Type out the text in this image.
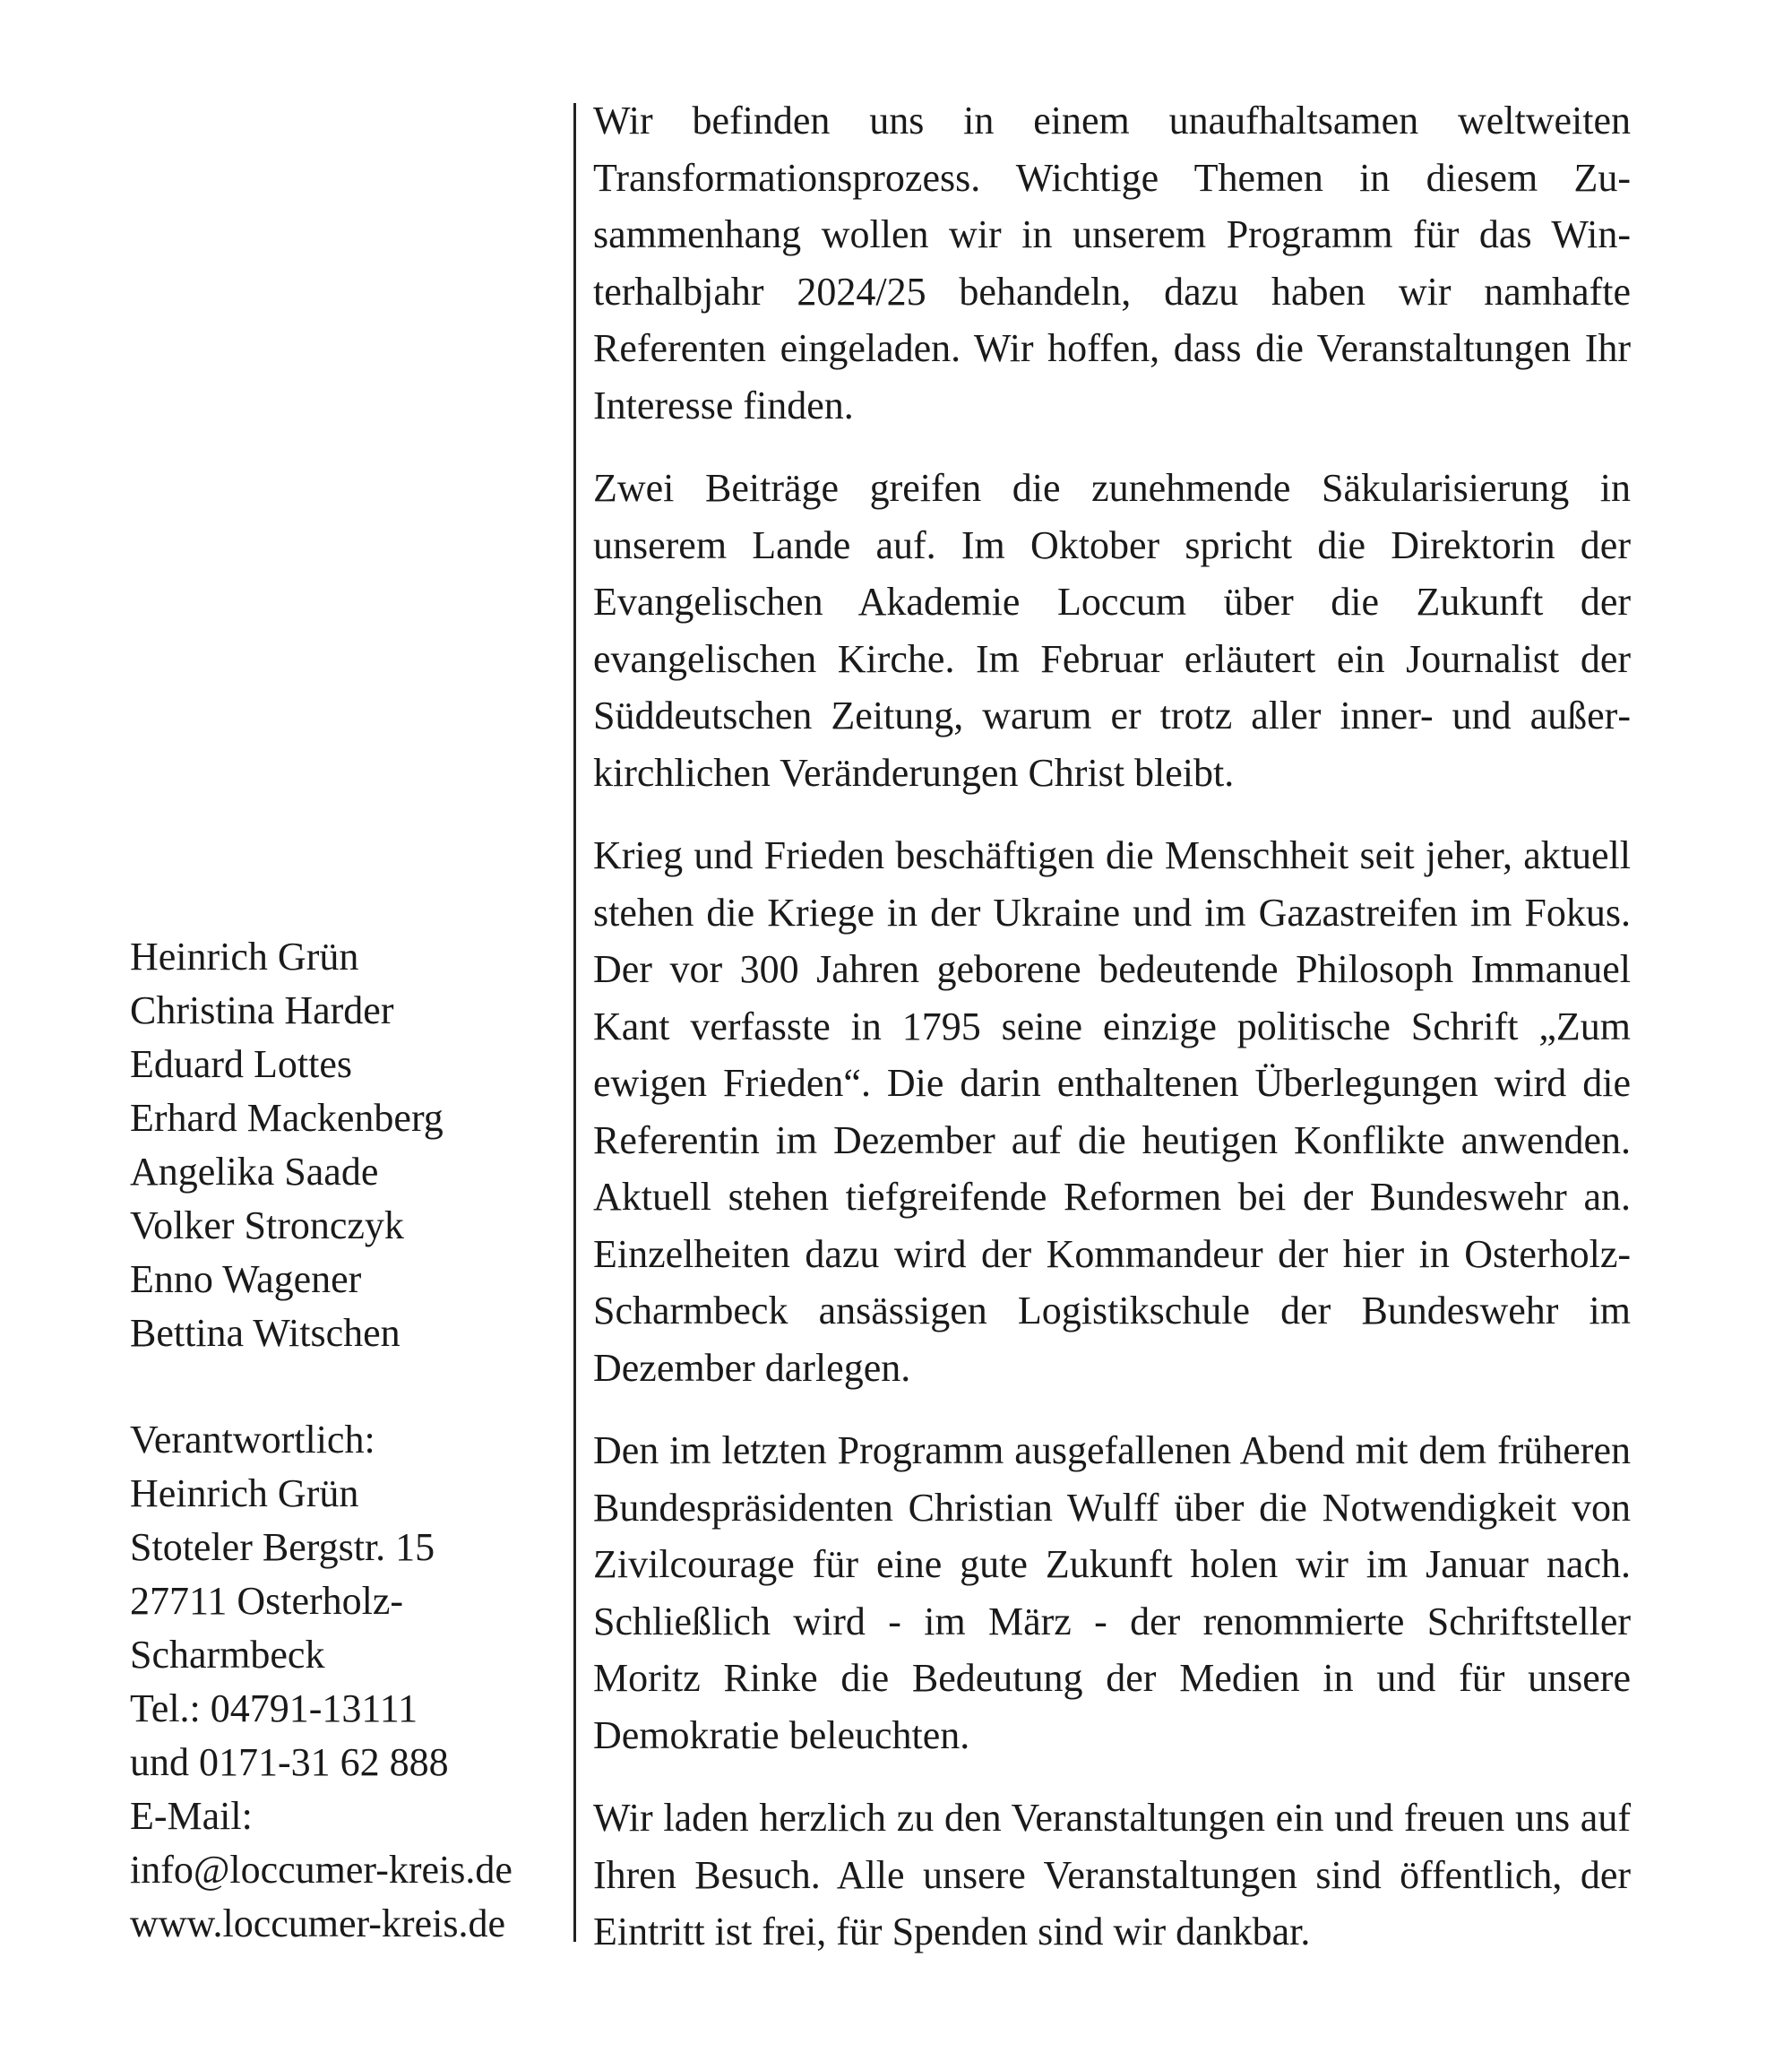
Heinrich Grün
Christina Harder
Eduard Lottes
Erhard Mackenberg
Angelika Saade
Volker Stronczyk
Enno Wagener
Bettina Witschen
Verantwortlich:
Heinrich Grün
Stoteler Bergstr. 15
27711 Osterholz-
Scharmbeck
Tel.: 04791-13111
und 0171-31 62 888
E-Mail:
info@loccumer-kreis.de
www.loccumer-kreis.de

Wir befinden uns in einem unaufhaltsamen weltweiten Transformationsprozess. Wichtige Themen in diesem Zusammenhang wollen wir in unserem Programm für das Winterhalbjahr 2024/25 behandeln, dazu haben wir namhafte Referenten eingeladen. Wir hoffen, dass die Veranstaltungen Ihr Interesse finden.

Zwei Beiträge greifen die zunehmende Säkularisierung in unserem Lande auf. Im Oktober spricht die Direktorin der Evangelischen Akademie Loccum über die Zukunft der evangelischen Kirche. Im Februar erläutert ein Journalist der Süddeutschen Zeitung, warum er trotz aller inner- und außerkirchlichen Veränderungen Christ bleibt.

Krieg und Frieden beschäftigen die Menschheit seit jeher, aktuell stehen die Kriege in der Ukraine und im Gazastreifen im Fokus. Der vor 300 Jahren geborene bedeutende Philosoph Immanuel Kant verfasste in 1795 seine einzige politische Schrift „Zum ewigen Frieden“. Die darin enthaltenen Überlegungen wird die Referentin im Dezember auf die heutigen Konflikte anwenden. Aktuell stehen tiefgreifende Reformen bei der Bundeswehr an. Einzelheiten dazu wird der Kommandeur der hier in Osterholz-Scharmbeck ansässigen Logistikschule der Bundeswehr im Dezember darlegen.

Den im letzten Programm ausgefallenen Abend mit dem früheren Bundespräsidenten Christian Wulff über die Notwendigkeit von Zivilcourage für eine gute Zukunft holen wir im Januar nach. Schließlich wird - im März - der renommierte Schriftsteller Moritz Rinke die Bedeutung der Medien in und für unsere Demokratie beleuchten.

Wir laden herzlich zu den Veranstaltungen ein und freuen uns auf Ihren Besuch. Alle unsere Veranstaltungen sind öffentlich, der Eintritt ist frei, für Spenden sind wir dankbar.
